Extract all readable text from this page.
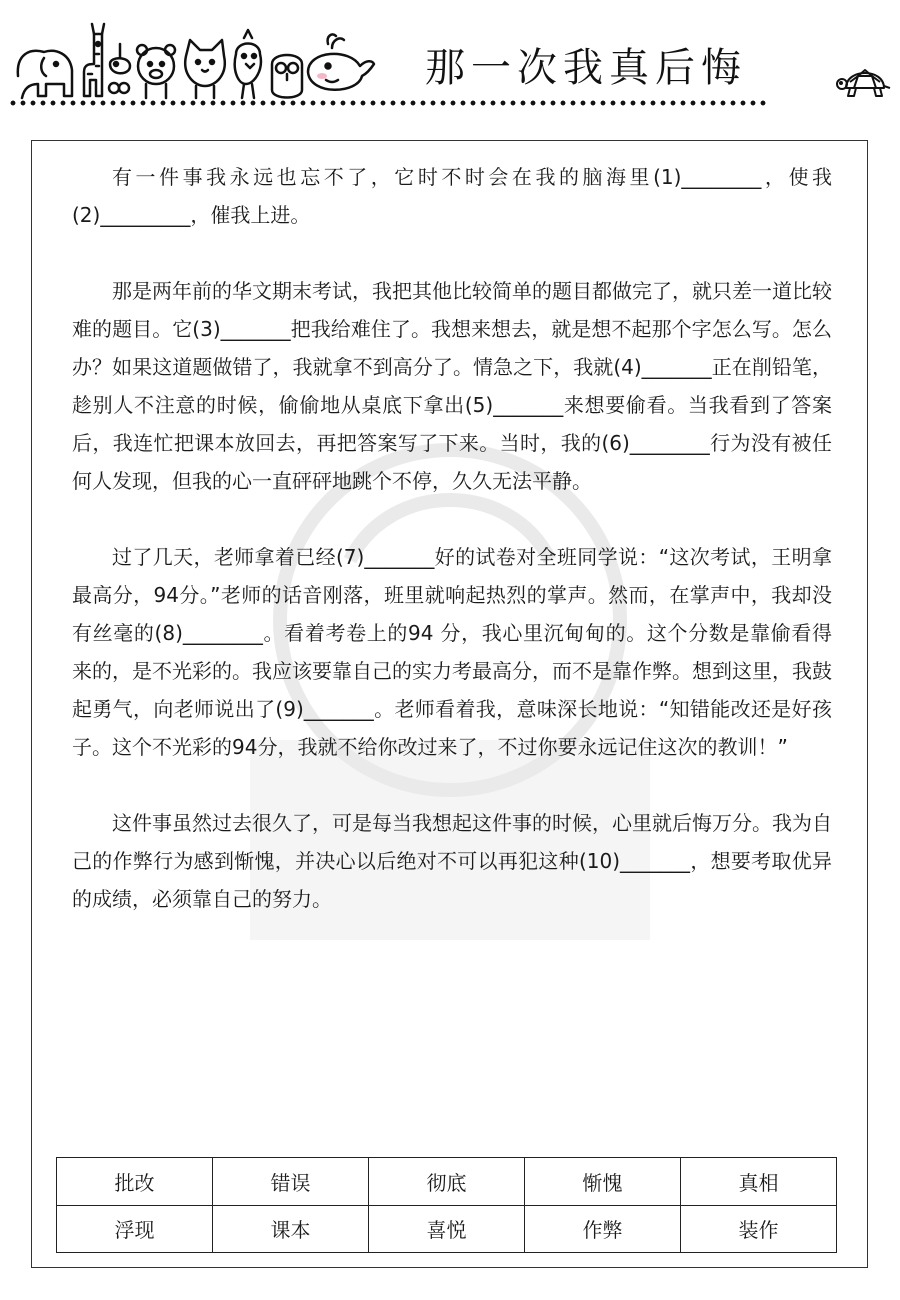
那一次我真后悔

有一件事我永远也忘不了，它时不时会在我的脑海里(1)________，使我(2)_________，催我上进。

那是两年前的华文期末考试，我把其他比较简单的题目都做完了，就只差一道比较难的题目。它(3)_______把我给难住了。我想来想去，就是想不起那个字怎么写。怎么办？如果这道题做错了，我就拿不到高分了。情急之下，我就(4)_______正在削铅笔，趁别人不注意的时候，偷偷地从桌底下拿出(5)_______来想要偷看。当我看到了答案后，我连忙把课本放回去，再把答案写了下来。当时，我的(6)________行为没有被任何人发现，但我的心一直砰砰地跳个不停，久久无法平静。

过了几天，老师拿着已经(7)_______好的试卷对全班同学说：“这次考试，王明拿最高分，94分。”老师的话音刚落，班里就响起热烈的掌声。然而，在掌声中，我却没有丝毫的(8)________。看着考卷上的94 分，我心里沉甸甸的。这个分数是靠偷看得来的，是不光彩的。我应该要靠自己的实力考最高分，而不是靠作弊。想到这里，我鼓起勇气，向老师说出了(9)_______。老师看着我，意味深长地说：“知错能改还是好孩子。这个不光彩的94分，我就不给你改过来了，不过你要永远记住这次的教训！”

这件事虽然过去很久了，可是每当我想起这件事的时候，心里就后悔万分。我为自己的作弊行为感到惭愧，并决心以后绝对不可以再犯这种(10)_______，想要考取优异的成绩，必须靠自己的努力。

批改	错误	彻底	惭愧	真相
浮现	课本	喜悦	作弊	装作
